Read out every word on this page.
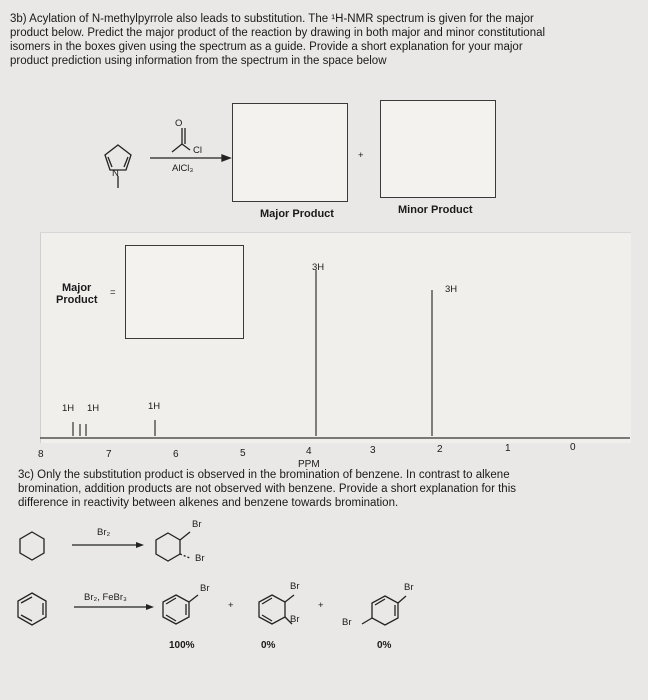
3b) Acylation of N-methylpyrrole also leads to substitution. The ¹H-NMR spectrum is given for the major
product below. Predict the major product of the reaction by drawing in both major and minor constitutional
isomers in the boxes given using the spectrum as a guide. Provide a short explanation for your major
product prediction using information from the spectrum in the space below
O
Cl
N	AlCl₃
+
Major Product	Minor Product
Major
Product
=
3H
3H
1H 1H	1H
8	7	6	5	4	3	2	1	0
PPM
3c) Only the substitution product is observed in the bromination of benzene. In contrast to alkene
bromination, addition products are not observed with benzene. Provide a short explanation for this
difference in reactivity between alkenes and benzene towards bromination.
Br₂
Br
Br
Br₂, FeBr₃
Br
+
Br
Br
+
Br
Br
100%	0%	0%
